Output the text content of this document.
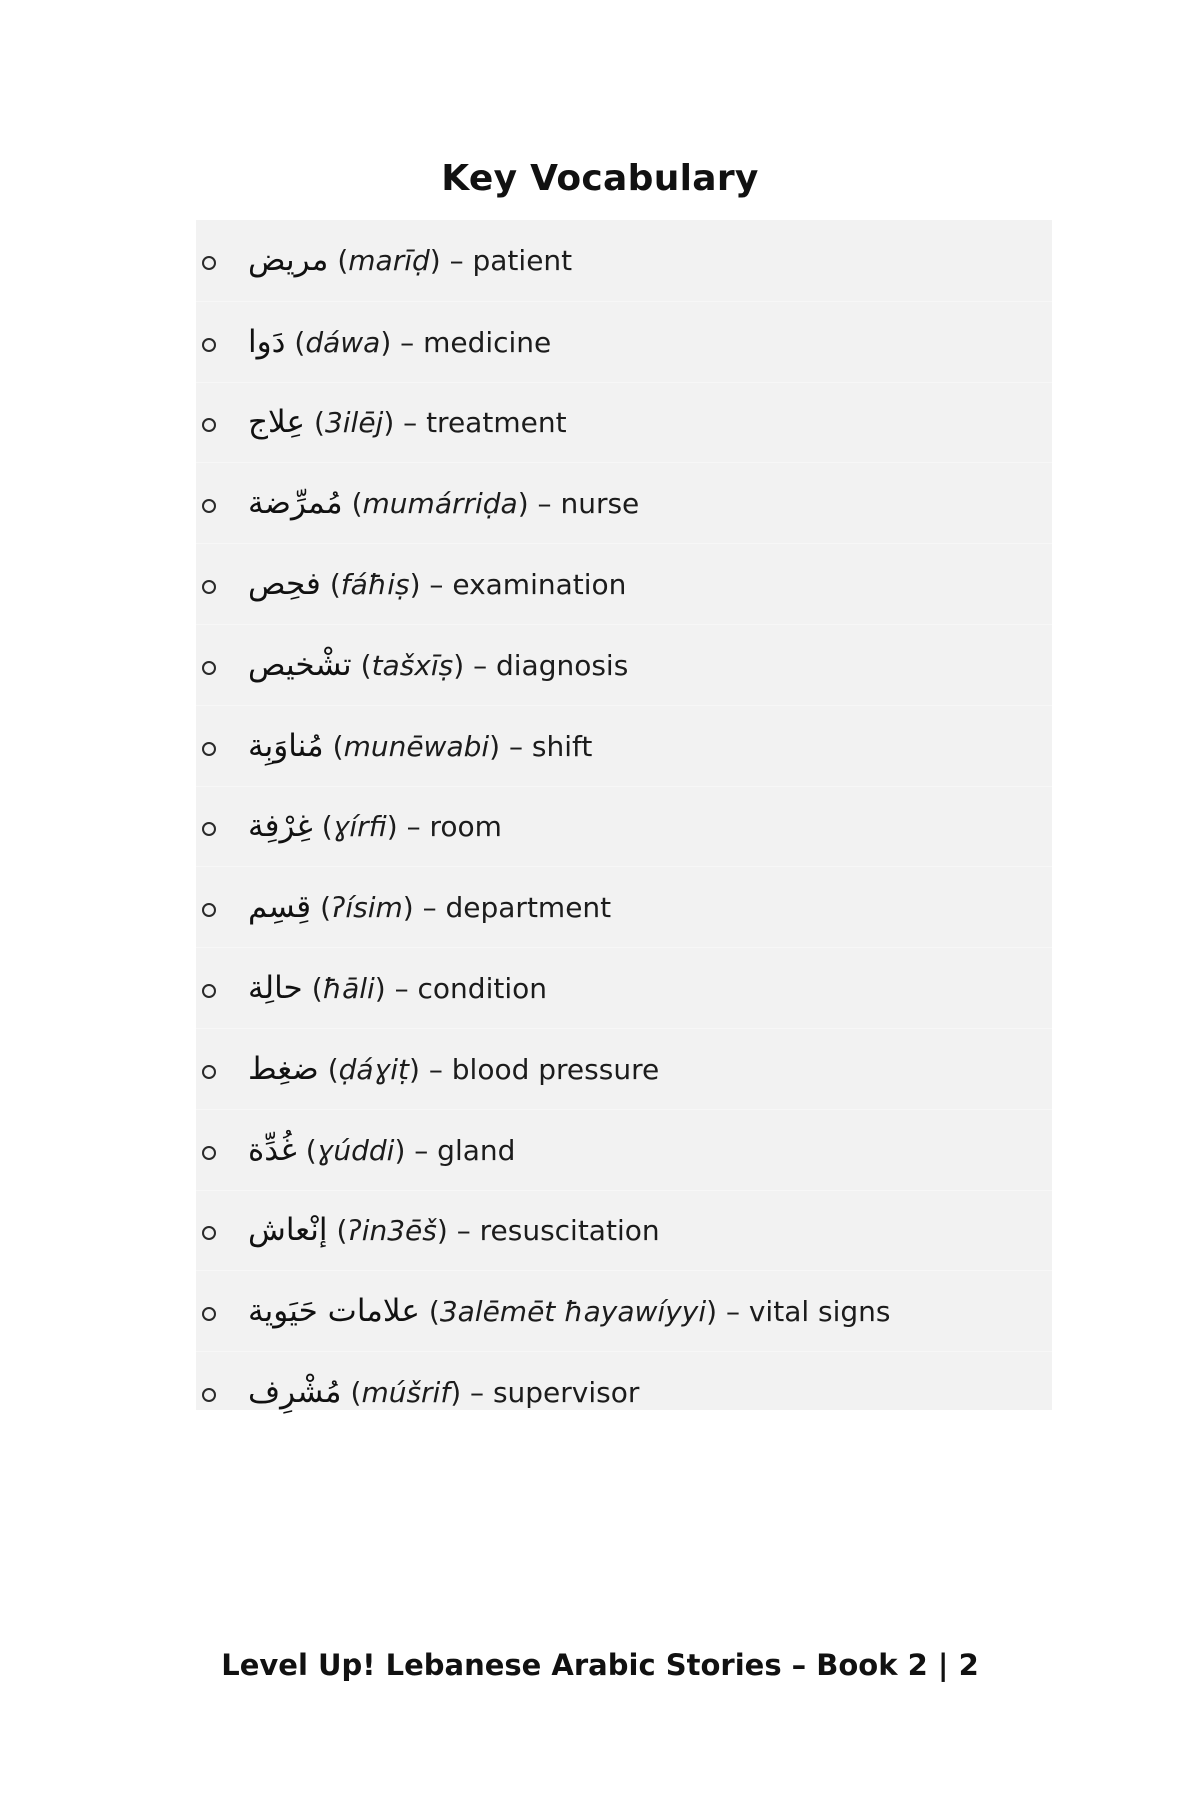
Key Vocabulary
مريض ( marīḍ ) – patient
دَوا ( dáwa ) – medicine
عِلاج ( 3ilēj ) – treatment
مُمرِّضة ( mumárriḍa ) – nurse
فحِص ( fáħiṣ ) – examination
تشْخيص ( tašxīṣ ) – diagnosis
مُناوَبِة ( munēwabi ) – shift
غِرْفِة ( ɣírfi ) – room
قِسِم ( ʔísim ) – department
حالِة ( ħāli ) – condition
ضغِط ( ḍáɣiṭ ) – blood pressure
غُدِّة ( ɣúddi ) – gland
إنْعاش ( ʔin3ēš ) – resuscitation
علامات حَيَوية ( 3alēmēt ħayawíyyi ) – vital signs
مُشْرِف ( múšrif ) – supervisor
Level Up! Lebanese Arabic Stories – Book 2 | 2
